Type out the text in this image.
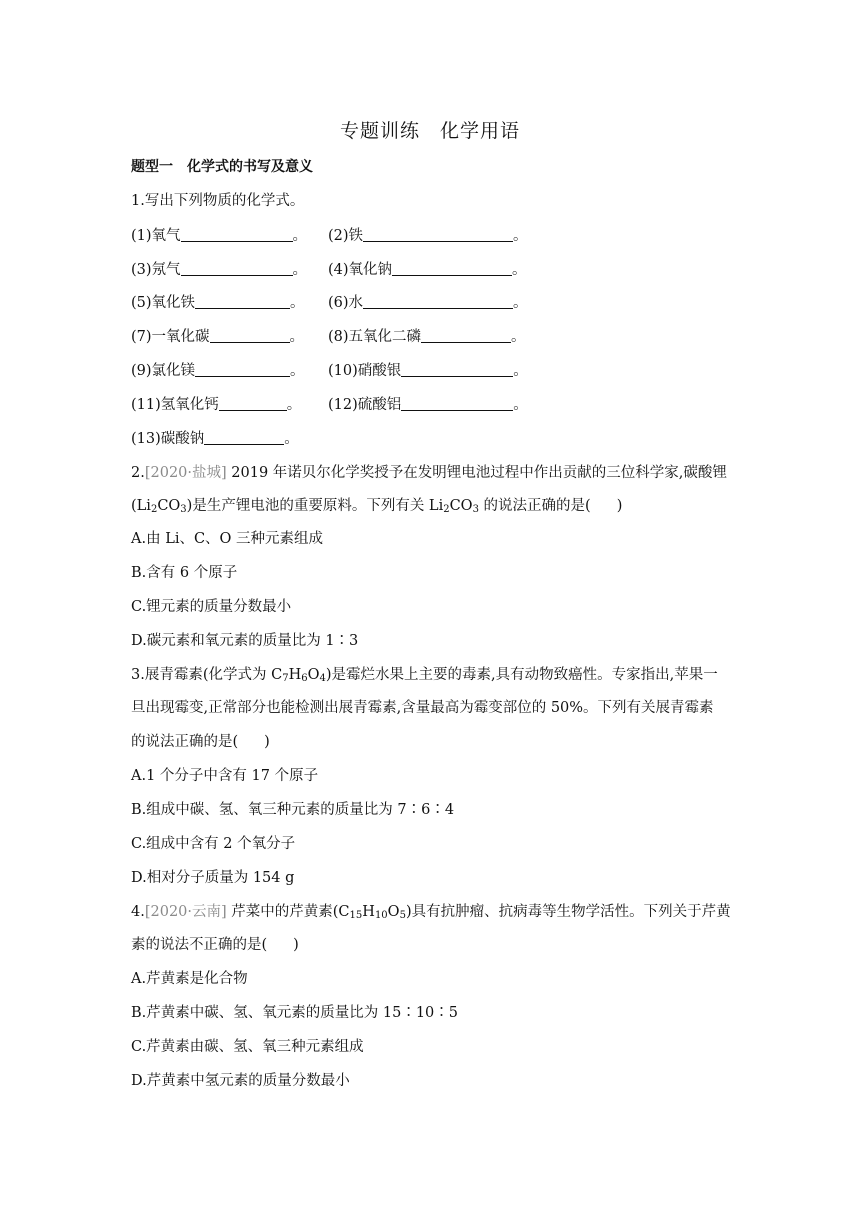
专题训练　化学用语
题型一　化学式的书写及意义
1.写出下列物质的化学式。
(1)氧气	。 (2)铁	。
(3)氖气	。 (4)氧化钠	。
(5)氧化铁	。 (6)水	。
(7)一氧化碳	。 (8)五氧化二磷	。
(9)氯化镁	。 (10)硝酸银	。
(11)氢氧化钙	。 (12)硫酸铝	。
(13)碳酸钠	。
2.[2020·盐城] 2019 年诺贝尔化学奖授予在发明锂电池过程中作出贡献的三位科学家,碳酸锂
$(Li_2CO_3)$是生产锂电池的重要原料。下列有关 $Li_2CO_3$ 的说法正确的是( )
A.由 Li、C、O 三种元素组成
B.含有 6 个原子
C.锂元素的质量分数最小
D.碳元素和氧元素的质量比为 1∶3
3.展青霉素(化学式为 $C_7H_6O_4$)是霉烂水果上主要的毒素,具有动物致癌性。专家指出,苹果一
旦出现霉变,正常部分也能检测出展青霉素,含量最高为霉变部位的 50%。下列有关展青霉素
的说法正确的是( )
A.1 个分子中含有 17 个原子
B.组成中碳、氢、氧三种元素的质量比为 7∶6∶4
C.组成中含有 2 个氧分子
D.相对分子质量为 154 g
4.[2020·云南] 芹菜中的芹黄素$(C_{15}H_{10}O_5)$具有抗肿瘤、抗病毒等生物学活性。下列关于芹黄
素的说法不正确的是( )
A.芹黄素是化合物
B.芹黄素中碳、氢、氧元素的质量比为 15∶10∶5
C.芹黄素由碳、氢、氧三种元素组成
D.芹黄素中氢元素的质量分数最小
